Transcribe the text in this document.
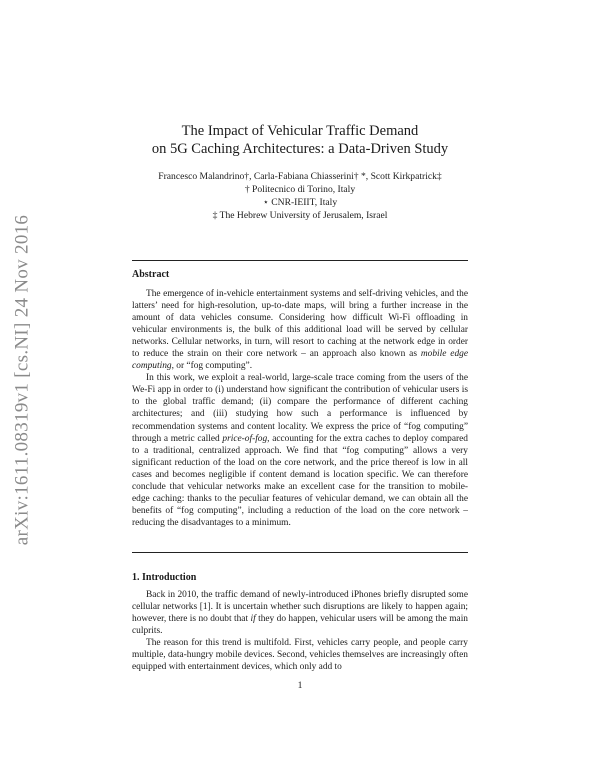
arXiv:1611.08319v1 [cs.NI] 24 Nov 2016
The Impact of Vehicular Traffic Demand
on 5G Caching Architectures: a Data-Driven Study
Francesco Malandrino†, Carla-Fabiana Chiasserini† *, Scott Kirkpatrick‡
† Politecnico di Torino, Italy
⋆ CNR-IEIIT, Italy
‡ The Hebrew University of Jerusalem, Israel
Abstract

The emergence of in-vehicle entertainment systems and self-driving vehicles, and the latters’ need for high-resolution, up-to-date maps, will bring a further increase in the amount of data vehicles consume. Considering how difficult Wi-Fi offloading in vehicular environments is, the bulk of this additional load will be served by cellular networks. Cellular networks, in turn, will resort to caching at the network edge in order to reduce the strain on their core network – an approach also known as mobile edge computing, or “fog computing”.

In this work, we exploit a real-world, large-scale trace coming from the users of the We-Fi app in order to (i) understand how significant the contribution of vehicular users is to the global traffic demand; (ii) compare the performance of different caching architectures; and (iii) studying how such a performance is influenced by recommendation systems and content locality. We express the price of “fog computing” through a metric called price-of-fog, accounting for the extra caches to deploy compared to a traditional, centralized approach. We find that “fog computing” allows a very significant reduction of the load on the core network, and the price thereof is low in all cases and becomes negligible if content demand is location specific. We can therefore conclude that vehicular networks make an excellent case for the transition to mobile-edge caching: thanks to the peculiar features of vehicular demand, we can obtain all the benefits of “fog computing”, including a reduction of the load on the core network – reducing the disadvantages to a minimum.

1. Introduction

Back in 2010, the traffic demand of newly-introduced iPhones briefly disrupted some cellular networks [1]. It is uncertain whether such disruptions are likely to happen again; however, there is no doubt that if they do happen, vehicular users will be among the main culprits.

The reason for this trend is multifold. First, vehicles carry people, and people carry multiple, data-hungry mobile devices. Second, vehicles themselves are increasingly often equipped with entertainment devices, which only add to

1
